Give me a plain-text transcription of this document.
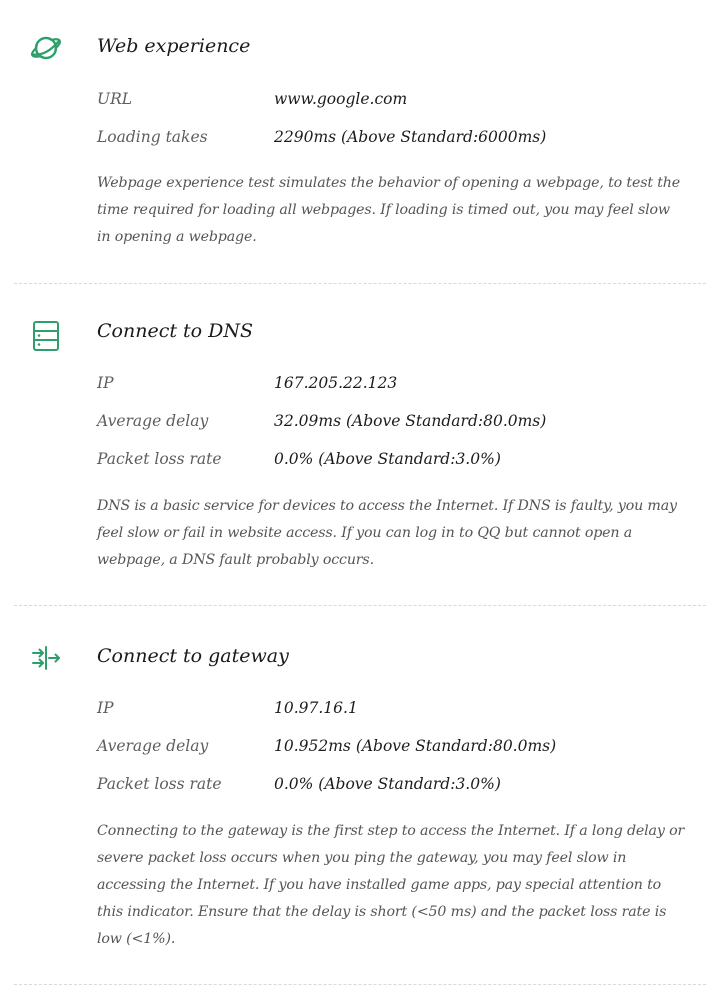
Web experience
URL	www.google.com
Loading takes	2290ms (Above Standard:6000ms)
Webpage experience test simulates the behavior of opening a webpage, to test the time required for loading all webpages. If loading is timed out, you may feel slow in opening a webpage.
Connect to DNS
IP	167.205.22.123
Average delay	32.09ms (Above Standard:80.0ms)
Packet loss rate	0.0% (Above Standard:3.0%)
DNS is a basic service for devices to access the Internet. If DNS is faulty, you may feel slow or fail in website access. If you can log in to QQ but cannot open a webpage, a DNS fault probably occurs.
Connect to gateway
IP	10.97.16.1
Average delay	10.952ms (Above Standard:80.0ms)
Packet loss rate	0.0% (Above Standard:3.0%)
Connecting to the gateway is the first step to access the Internet. If a long delay or severe packet loss occurs when you ping the gateway, you may feel slow in accessing the Internet. If you have installed game apps, pay special attention to this indicator. Ensure that the delay is short (<50 ms) and the packet loss rate is low (<1%).
